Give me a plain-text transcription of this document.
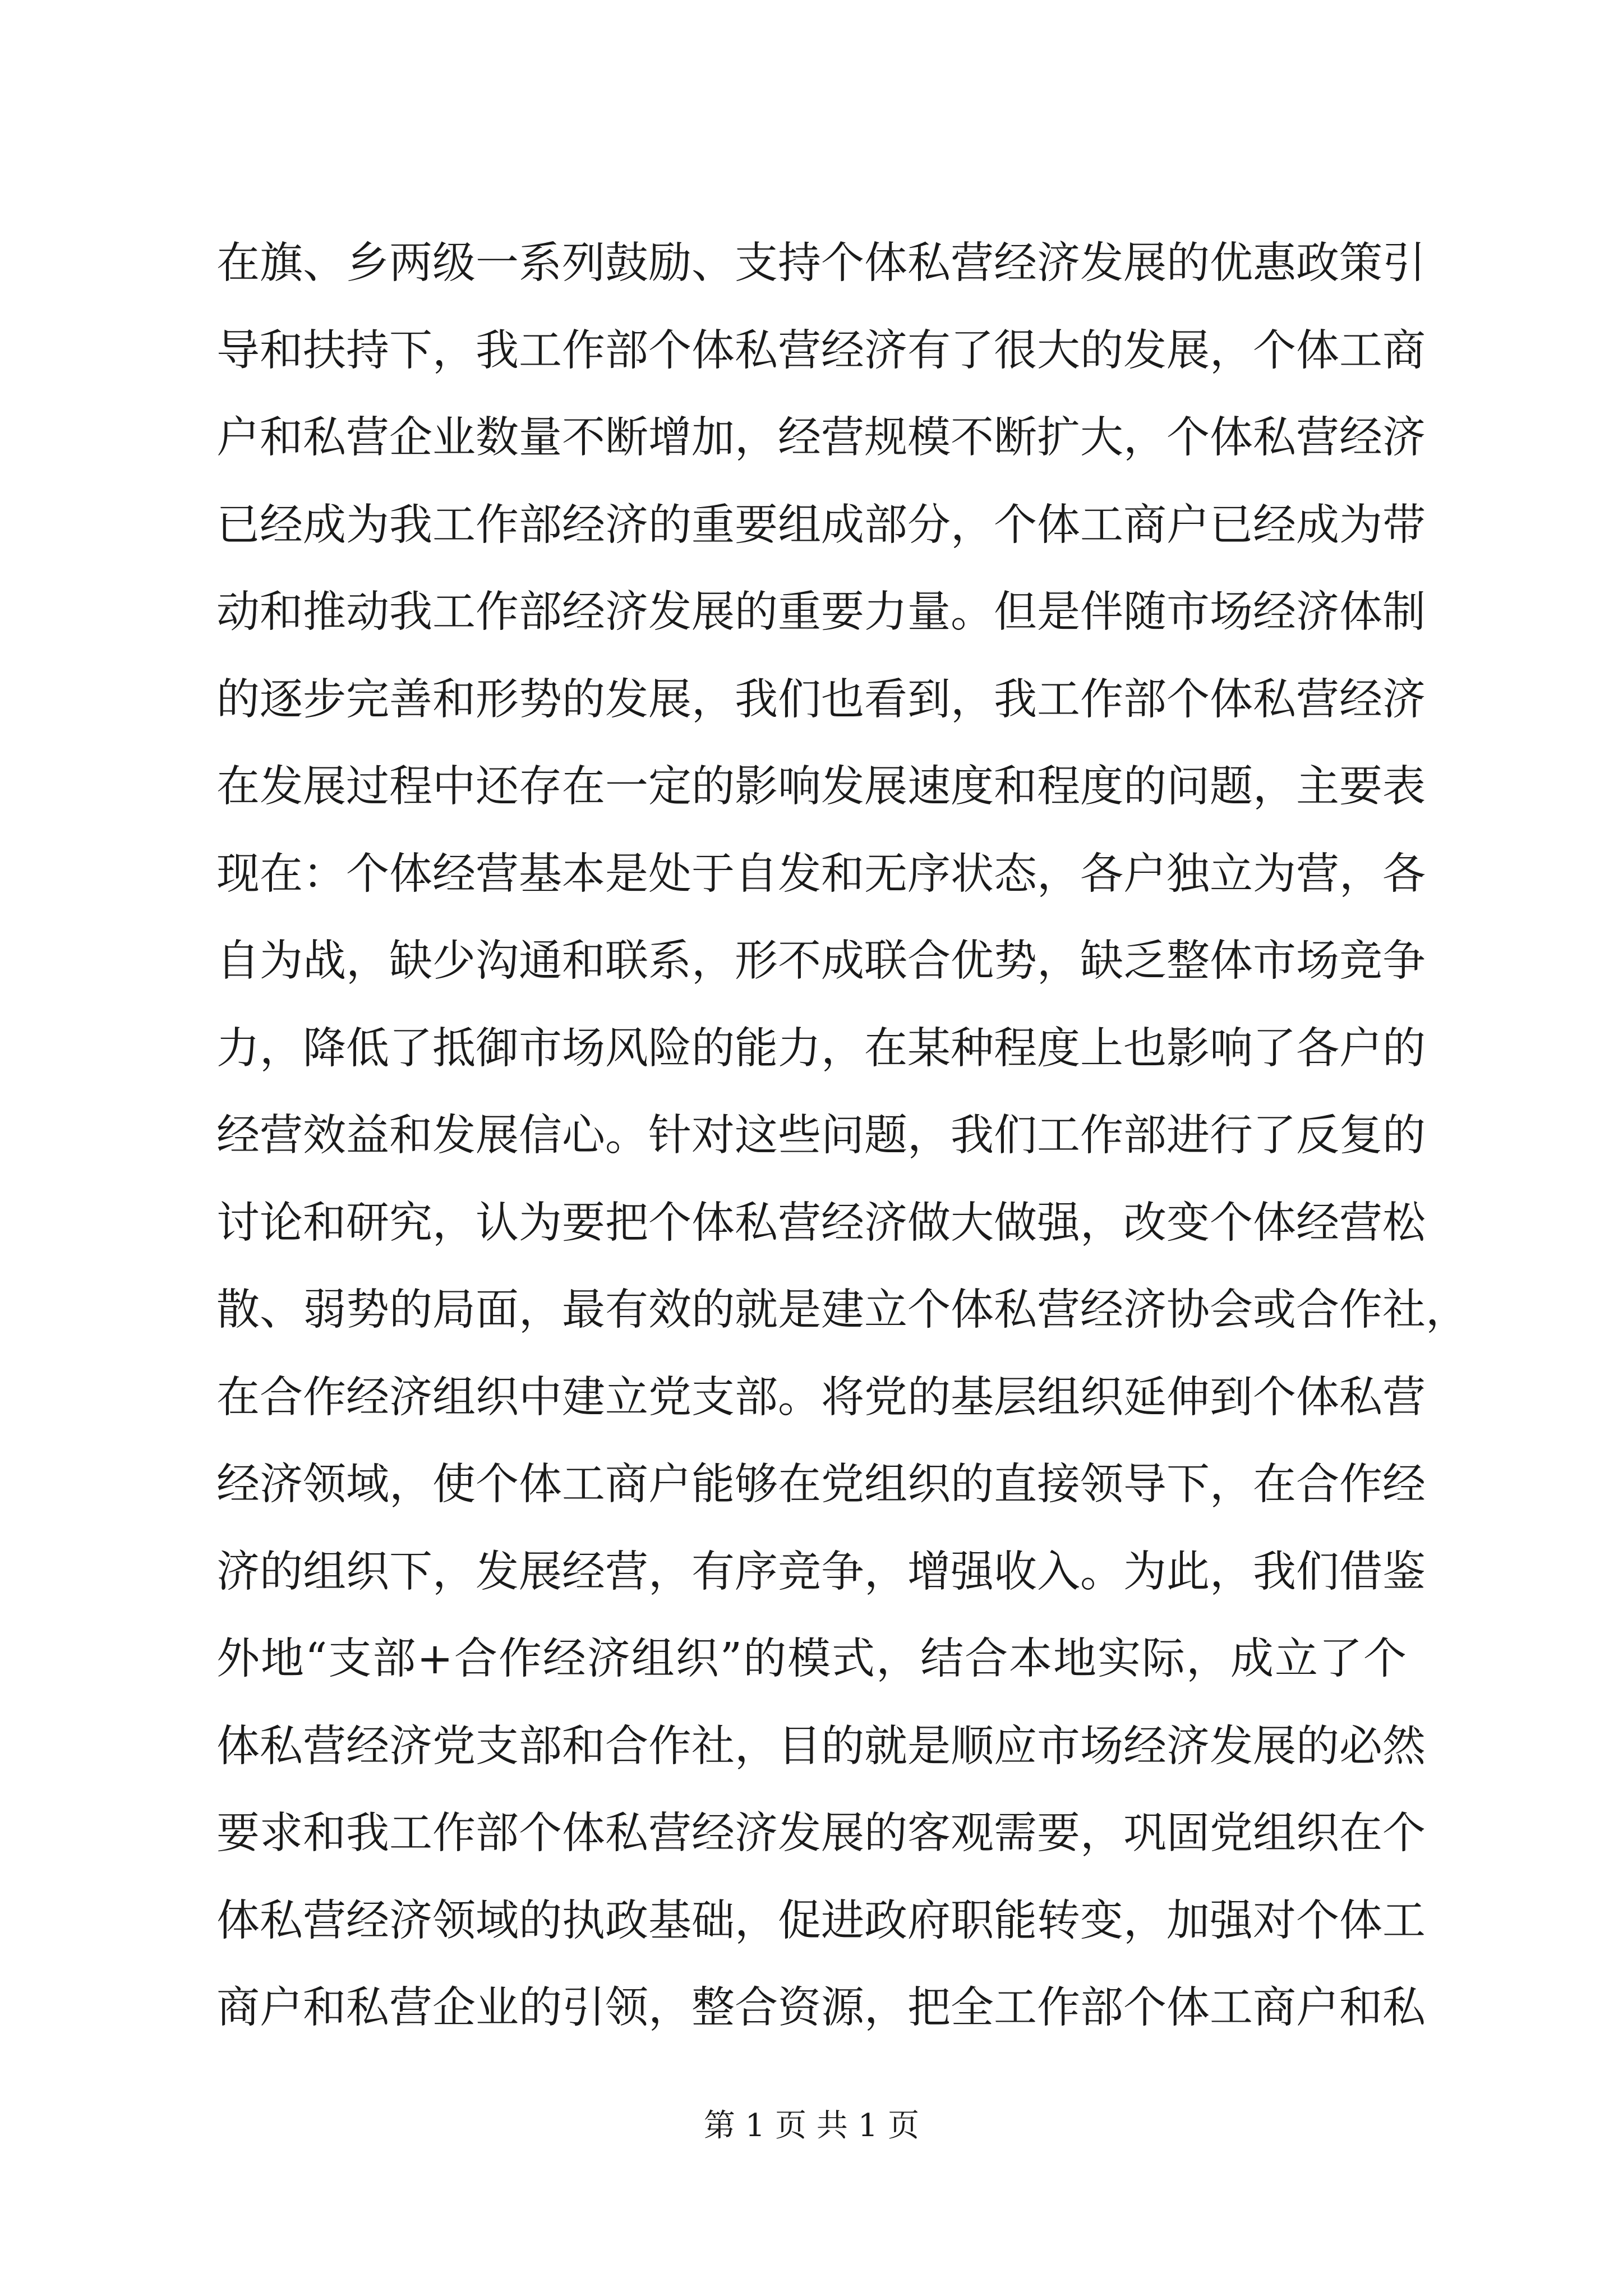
在旗、乡两级一系列鼓励、支持个体私营经济发展的优惠政策引
导和扶持下，我工作部个体私营经济有了很大的发展，个体工商
户和私营企业数量不断增加，经营规模不断扩大，个体私营经济
已经成为我工作部经济的重要组成部分，个体工商户已经成为带
动和推动我工作部经济发展的重要力量。但是伴随市场经济体制
的逐步完善和形势的发展，我们也看到，我工作部个体私营经济
在发展过程中还存在一定的影响发展速度和程度的问题，主要表
现在：个体经营基本是处于自发和无序状态，各户独立为营，各
自为战，缺少沟通和联系，形不成联合优势，缺乏整体市场竞争
力，降低了抵御市场风险的能力，在某种程度上也影响了各户的
经营效益和发展信心。针对这些问题，我们工作部进行了反复的
讨论和研究，认为要把个体私营经济做大做强，改变个体经营松
散、弱势的局面，最有效的就是建立个体私营经济协会或合作社，
在合作经济组织中建立党支部。将党的基层组织延伸到个体私营
经济领域，使个体工商户能够在党组织的直接领导下，在合作经
济的组织下，发展经营，有序竞争，增强收入。为此，我们借鉴
外地“支部+合作经济组织”的模式，结合本地实际，成立了个
体私营经济党支部和合作社，目的就是顺应市场经济发展的必然
要求和我工作部个体私营经济发展的客观需要，巩固党组织在个
体私营经济领域的执政基础，促进政府职能转变，加强对个体工
商户和私营企业的引领，整合资源，把全工作部个体工商户和私
第 1 页 共 1 页
